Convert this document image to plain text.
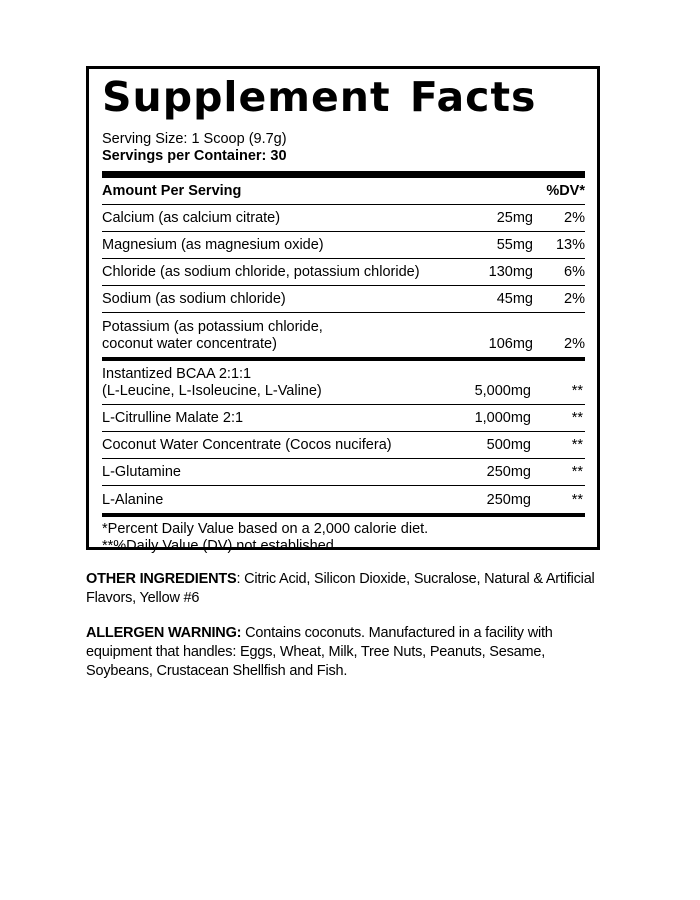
Supplement Facts
Serving Size: 1 Scoop (9.7g)
Servings per Container: 30
Amount Per Serving	%DV*
Calcium (as calcium citrate)	25mg	2%
Magnesium (as magnesium oxide)	55mg	13%
Chloride (as sodium chloride, potassium chloride)	130mg	6%
Sodium (as sodium chloride)	45mg	2%
Potassium (as potassium chloride,
coconut water concentrate)	106mg	2%
Instantized BCAA 2:1:1
(L-Leucine, L-Isoleucine, L-Valine)	5,000mg	**
L-Citrulline Malate 2:1	1,000mg	**
Coconut Water Concentrate (Cocos nucifera)	500mg	**
L-Glutamine	250mg	**
L-Alanine	250mg	**
*Percent Daily Value based on a 2,000 calorie diet.
**%Daily Value (DV) not established.
OTHER INGREDIENTS: Citric Acid, Silicon Dioxide, Sucralose, Natural & Artificial Flavors, Yellow #6
ALLERGEN WARNING: Contains coconuts. Manufactured in a facility with equipment that handles: Eggs, Wheat, Milk, Tree Nuts, Peanuts, Sesame, Soybeans, Crustacean Shellfish and Fish.
